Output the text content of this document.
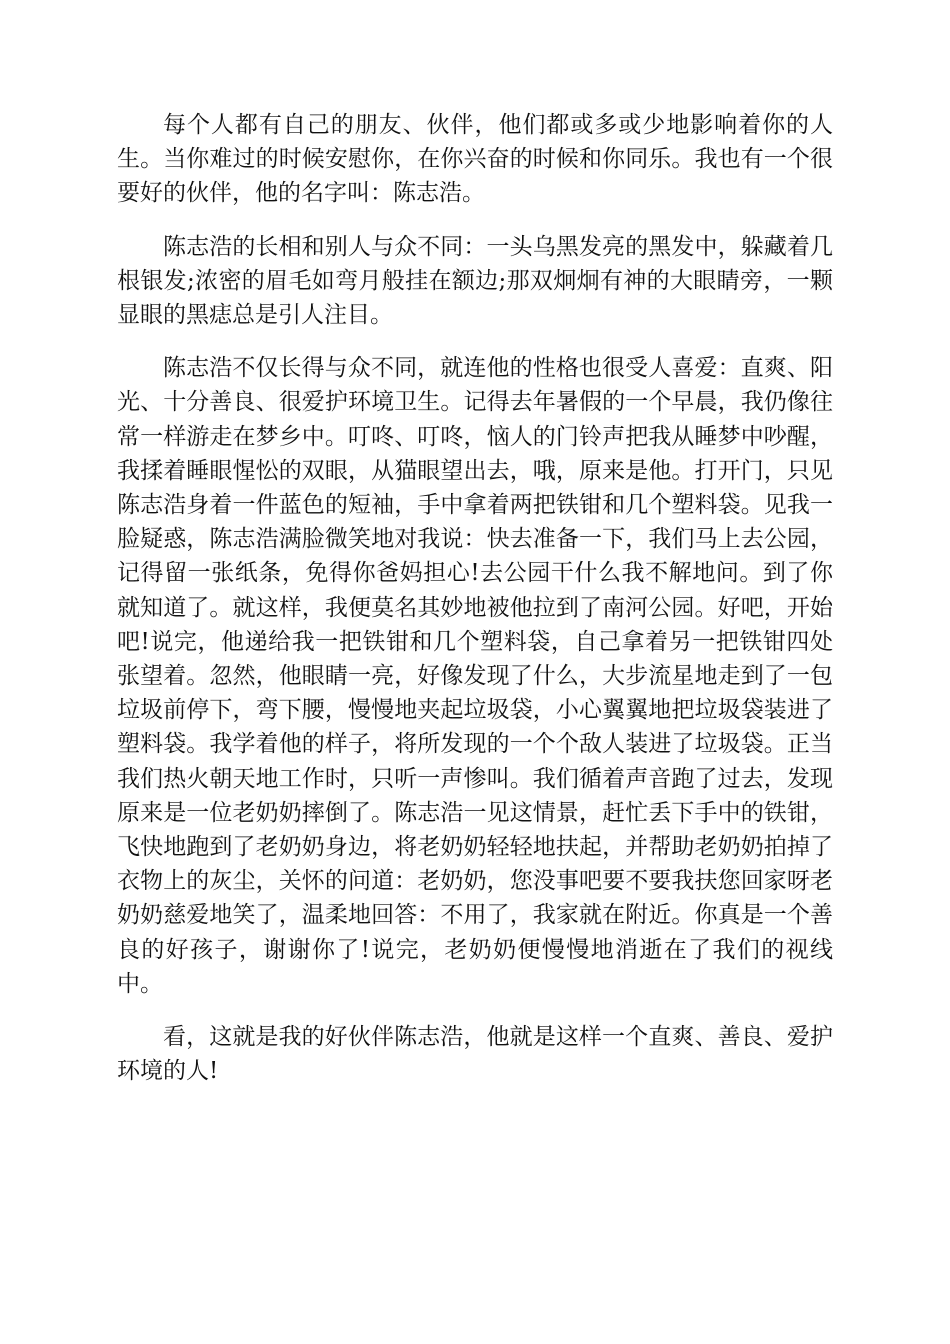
每个人都有自己的朋友、伙伴，他们都或多或少地影响着你的人生。当你难过的时候安慰你，在你兴奋的时候和你同乐。我也有一个很要好的伙伴，他的名字叫：陈志浩。

陈志浩的长相和别人与众不同：一头乌黑发亮的黑发中，躲藏着几根银发;浓密的眉毛如弯月般挂在额边;那双炯炯有神的大眼睛旁，一颗显眼的黑痣总是引人注目。

陈志浩不仅长得与众不同，就连他的性格也很受人喜爱：直爽、阳光、十分善良、很爱护环境卫生。记得去年暑假的一个早晨，我仍像往常一样游走在梦乡中。叮咚、叮咚，恼人的门铃声把我从睡梦中吵醒，我揉着睡眼惺忪的双眼，从猫眼望出去，哦，原来是他。打开门，只见陈志浩身着一件蓝色的短袖，手中拿着两把铁钳和几个塑料袋。见我一脸疑惑，陈志浩满脸微笑地对我说：快去准备一下，我们马上去公园，记得留一张纸条，免得你爸妈担心!去公园干什么我不解地问。到了你就知道了。就这样，我便莫名其妙地被他拉到了南河公园。好吧，开始吧!说完，他递给我一把铁钳和几个塑料袋，自己拿着另一把铁钳四处张望着。忽然，他眼睛一亮，好像发现了什么，大步流星地走到了一包垃圾前停下，弯下腰，慢慢地夹起垃圾袋，小心翼翼地把垃圾袋装进了塑料袋。我学着他的样子，将所发现的一个个敌人装进了垃圾袋。正当我们热火朝天地工作时，只听一声惨叫。我们循着声音跑了过去，发现原来是一位老奶奶摔倒了。陈志浩一见这情景，赶忙丢下手中的铁钳，飞快地跑到了老奶奶身边，将老奶奶轻轻地扶起，并帮助老奶奶拍掉了衣物上的灰尘，关怀的问道：老奶奶，您没事吧要不要我扶您回家呀老奶奶慈爱地笑了，温柔地回答：不用了，我家就在附近。你真是一个善良的好孩子，谢谢你了!说完，老奶奶便慢慢地消逝在了我们的视线中。

看，这就是我的好伙伴陈志浩，他就是这样一个直爽、善良、爱护环境的人!
